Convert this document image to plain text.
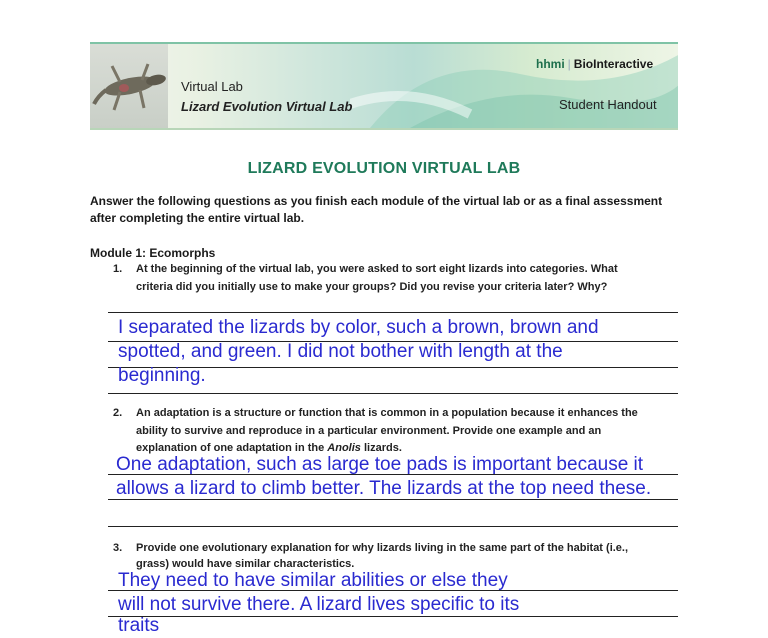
Virtual Lab
Lizard Evolution Virtual Lab
hhmi | BioInteractive
Student Handout
LIZARD EVOLUTION VIRTUAL LAB
Answer the following questions as you finish each module of the virtual lab or as a final assessment
after completing the entire virtual lab.
Module 1: Ecomorphs
1. At the beginning of the virtual lab, you were asked to sort eight lizards into categories. What
criteria did you initially use to make your groups? Did you revise your criteria later? Why?
I separated the lizards by color, such a brown, brown and
spotted, and green. I did not bother with length at the
beginning.
2. An adaptation is a structure or function that is common in a population because it enhances the
ability to survive and reproduce in a particular environment. Provide one example and an
explanation of one adaptation in the Anolis lizards.
One adaptation, such as large toe pads is important because it
allows a lizard to climb better. The lizards at the top need these.
3. Provide one evolutionary explanation for why lizards living in the same part of the habitat (i.e.,
grass) would have similar characteristics.
They need to have similar abilities or else they
will not survive there. A lizard lives specific to its
traits
